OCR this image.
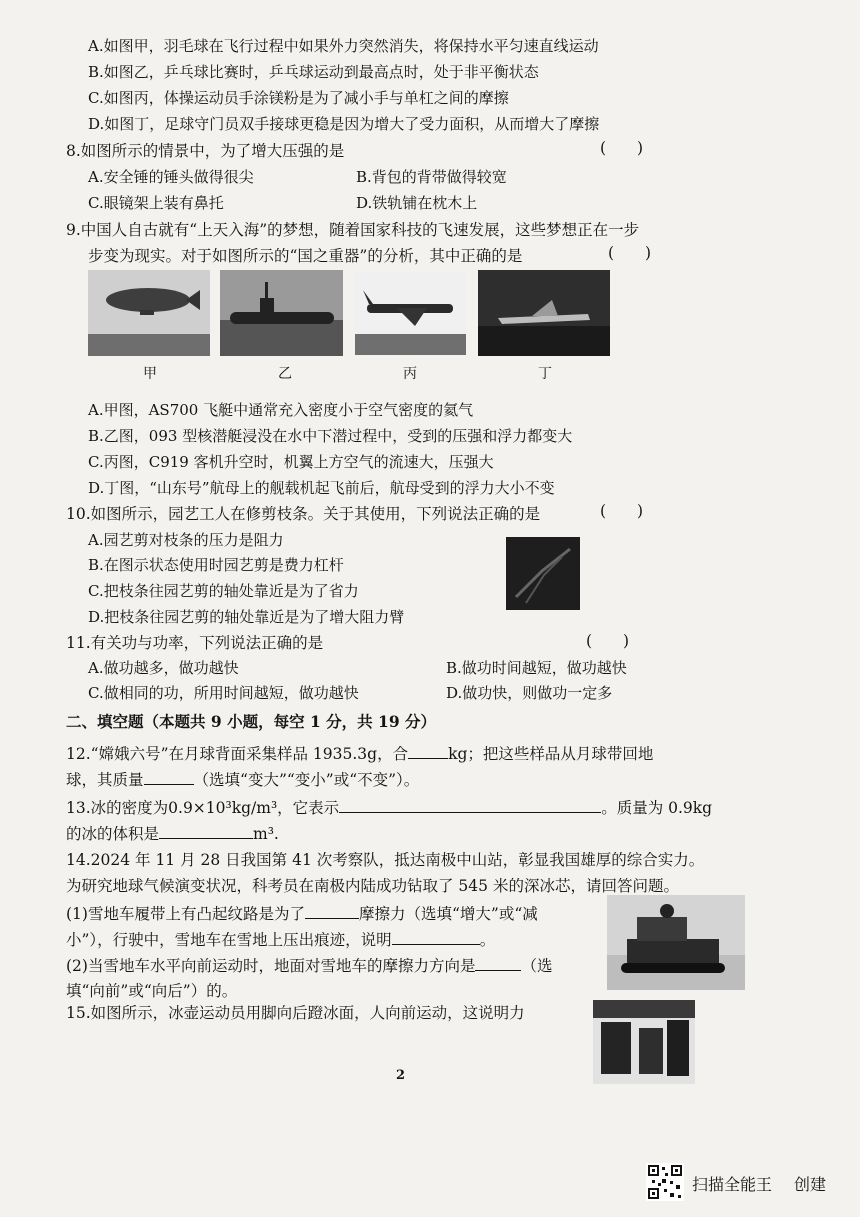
A.如图甲，羽毛球在飞行过程中如果外力突然消失，将保持水平匀速直线运动
B.如图乙，乒乓球比赛时，乒乓球运动到最高点时，处于非平衡状态
C.如图丙，体操运动员手涂镁粉是为了减小手与单杠之间的摩擦
D.如图丁，足球守门员双手接球更稳是因为增大了受力面积，从而增大了摩擦
8.如图所示的情景中，为了增大压强的是	(　　)
A.安全锤的锤头做得很尖	B.背包的背带做得较宽
C.眼镜架上装有鼻托	D.铁轨铺在枕木上
9.中国人自古就有“上天入海”的梦想，随着国家科技的飞速发展，这些梦想正在一步
步变为现实。对于如图所示的“国之重器”的分析，其中正确的是	(　　)
甲	乙	丙	丁
A.甲图，AS700 飞艇中通常充入密度小于空气密度的氦气
B.乙图，093 型核潜艇浸没在水中下潜过程中，受到的压强和浮力都变大
C.丙图，C919 客机升空时，机翼上方空气的流速大，压强大
D.丁图，“山东号”航母上的舰载机起飞前后，航母受到的浮力大小不变
10.如图所示，园艺工人在修剪枝条。关于其使用，下列说法正确的是	(　　)
A.园艺剪对枝条的压力是阻力
B.在图示状态使用时园艺剪是费力杠杆
C.把枝条往园艺剪的轴处靠近是为了省力
D.把枝条往园艺剪的轴处靠近是为了增大阻力臂
11.有关功与功率，下列说法正确的是	(　　)
A.做功越多，做功越快	B.做功时间越短，做功越快
C.做相同的功，所用时间越短，做功越快	D.做功快，则做功一定多
二、填空题（本题共 9 小题，每空 1 分，共 19 分）
12.“嫦娥六号”在月球背面采集样品 1935.3g，合	kg；把这些样品从月球带回地
球，其质量	（选填“变大”“变小”或“不变”）。
13.冰的密度为0.9×10³kg/m³，它表示	。质量为 0.9kg
的冰的体积是	m³.
14.2024 年 11 月 28 日我国第 41 次考察队，抵达南极中山站，彰显我国雄厚的综合实力。
为研究地球气候演变状况，科考员在南极内陆成功钻取了 545 米的深冰芯，请回答问题。
(1)雪地车履带上有凸起纹路是为了	摩擦力（选填“增大”或“减
小”），行驶中，雪地车在雪地上压出痕迹，说明	。
(2)当雪地车水平向前运动时，地面对雪地车的摩擦力方向是	（选
填“向前”或“向后”）的。
15.如图所示，冰壶运动员用脚向后蹬冰面，人向前运动，这说明力
2
扫描全能王 创建
